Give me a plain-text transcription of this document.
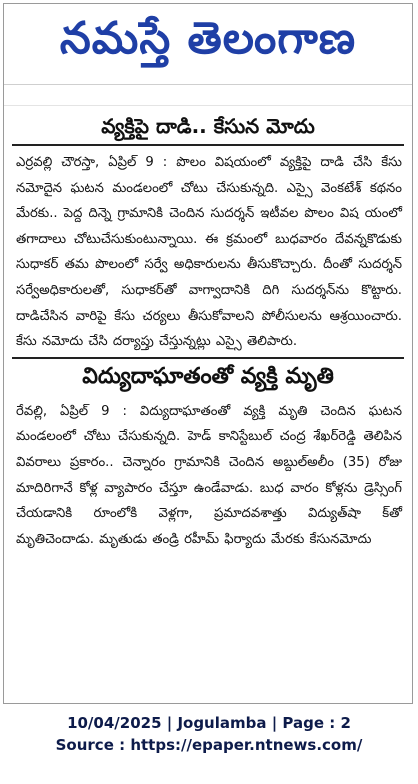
నమస్తే తెలంగాణ
వ్యక్తిపై దాడి.. కేసున మోదు
ఎర్రవల్లి చౌరస్తా, ఏప్రిల్ 9 : పొలం విషయంలో వ్యక్తిపై దాడి చేసి కేసు నమోదైన ఘటన మండలంలో చోటు చేసుకున్నది. ఎస్సై వెంకటేశ్ కథనం మేరకు.. పెద్ద దిన్నె గ్రామానికి చెందిన సుదర్శన్ ఇటీవల పొలం విష యంలో తగాదాలు చోటుచేసుకుంటున్నాయి. ఈ క్రమంలో బుధవారం దేవన్నకొడుకు సుధాకర్ తమ పొలంలో సర్వే అధికారులను తీసుకొచ్చారు. దీంతో సుదర్శన్ సర్వేఅధికారులతో, సుధాకర్‌తో వాగ్వాదానికి దిగి సుదర్శన్‌ను కొట్టారు. దాడిచేసిన వారిపై కేసు చర్యలు తీసుకోవాలని పోలీసులను ఆశ్రయించారు. కేసు నమోదు చేసి దర్యాప్తు చేస్తున్నట్లు ఎస్సై తెలిపారు.
విద్యుదాఘాతంతో వ్యక్తి మృతి
రేవల్లి, ఏప్రిల్ 9 : విద్యుదాఘాతంతో వ్యక్తి మృతి చెందిన ఘటన మండలంలో చోటు చేసుకున్నది. హెడ్ కానిస్టేబుల్ చంద్ర శేఖర్‌రెడ్డి తెలిపిన వివరాలు ప్రకారం.. చెన్నారం గ్రామానికి చెందిన అబ్దుల్‌అలీం (35) రోజు మాదిరిగానే కోళ్ల వ్యాపారం చేస్తూ ఉండేవాడు. బుధ వారం కోళ్లను డ్రెస్సింగ్ చేయడానికి రూంలోకి వెళ్లగా, ప్రమాదవశాత్తు విద్యుత్‌షా క్‌తో మృతిచెందాడు. మృతుడు తండ్రి రహీమ్ ఫిర్యాదు మేరకు కేసునమోదు
10/04/2025 | Jogulamba | Page : 2
Source : https://epaper.ntnews.com/
